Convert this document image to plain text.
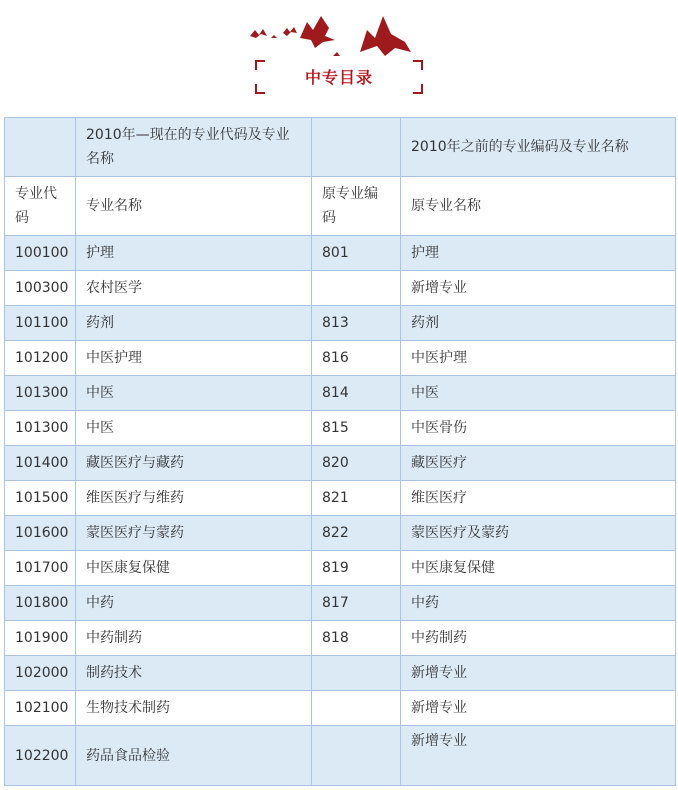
中专目录
	2010年—现在的专业代码及专业名称		2010年之前的专业编码及专业名称
专业代码	专业名称	原专业编码	原专业名称
100100	护理	801	护理
100300	农村医学		新增专业
101100	药剂	813	药剂
101200	中医护理	816	中医护理
101300	中医	814	中医
101300	中医	815	中医骨伤
101400	藏医医疗与藏药	820	藏医医疗
101500	维医医疗与维药	821	维医医疗
101600	蒙医医疗与蒙药	822	蒙医医疗及蒙药
101700	中医康复保健	819	中医康复保健
101800	中药	817	中药
101900	中药制药	818	中药制药
102000	制药技术		新增专业
102100	生物技术制药		新增专业
102200	药品食品检验		新增专业
